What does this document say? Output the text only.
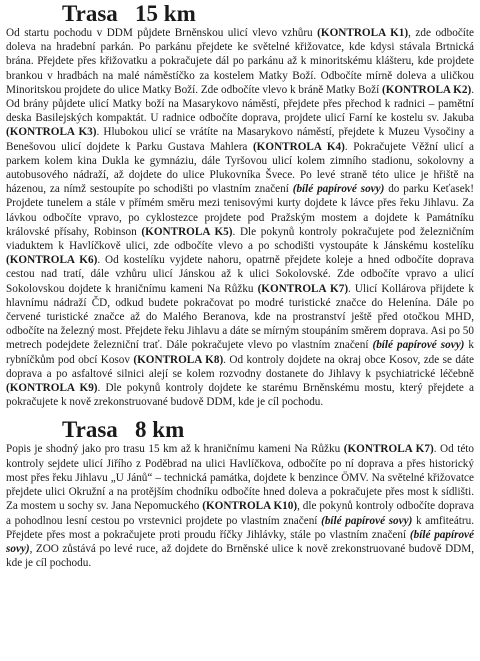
Trasa   15 km

Od startu pochodu v DDM půjdete Brněnskou ulicí vlevo vzhůru (KONTROLA K1), zde odbočíte doleva na hradební parkán. Po parkánu přejdete ke světelné křižovatce, kde kdysi stávala Brtnická brána. Přejdete přes křižovatku a pokračujete dál po parkánu až k minoritskému klášteru, kde projdete brankou v hradbách na malé náměstíčko za kostelem Matky Boží. Odbočíte mírně doleva a uličkou Minoritskou projdete do ulice Matky Boží. Zde odbočíte vlevo k bráně Matky Boží (KONTROLA K2). Od brány půjdete ulicí Matky boží na Masarykovo náměstí, přejdete přes přechod k radnici – pamětní deska Basilejských kompaktát. U radnice odbočíte doprava, projdete ulicí Farní ke kostelu sv. Jakuba (KONTROLA K3). Hlubokou ulicí se vrátíte na Masarykovo náměstí, přejdete k Muzeu Vysočiny a Benešovou ulicí dojdete k Parku Gustava Mahlera (KONTROLA K4). Pokračujete Věžní ulicí a parkem kolem kina Dukla ke gymnáziu, dále Tyršovou ulicí kolem zimního stadionu, sokolovny a autobusového nádraží, až dojdete do ulice Plukovníka Švece. Po levé straně této ulice je hřiště na házenou, za nímž sestoupíte po schodišti po vlastním značení (bílé papírové sovy) do parku Keťasek! Projdete tunelem a stále v přímém směru mezi tenisovými kurty dojdete k lávce přes řeku Jihlavu. Za lávkou odbočíte vpravo, po cyklostezce projdete pod Pražským mostem a dojdete k Památníku královské přísahy, Robinson (KONTROLA K5). Dle pokynů kontroly pokračujete pod železničním viaduktem k Havlíčkově ulici, zde odbočíte vlevo a po schodišti vystoupáte k Jánskému kostelíku (KONTROLA K6). Od kostelíku vyjdete nahoru, opatrně přejdete koleje a hned odbočíte doprava cestou nad tratí, dále vzhůru ulicí Jánskou až k ulici Sokolovské. Zde odbočíte vpravo a ulicí Sokolovskou dojdete k hraničnímu kameni Na Růžku (KONTROLA K7). Ulicí Kollárova přijdete k hlavnímu nádraží ČD, odkud budete pokračovat po modré turistické značce do Helenína. Dále po červené turistické značce až do Malého Beranova, kde na prostranství ještě před otočkou MHD, odbočíte na železný most. Přejdete řeku Jihlavu a dáte se mírným stoupáním směrem doprava. Asi po 50 metrech podejdete železniční trať. Dále pokračujete vlevo po vlastním značení (bílé papírové sovy) k rybníčkům pod obcí Kosov (KONTROLA K8). Od kontroly dojdete na okraj obce Kosov, zde se dáte doprava a po asfaltové silnici alejí se kolem rozvodny dostanete do Jihlavy k psychiatrické léčebně (KONTROLA K9). Dle pokynů kontroly dojdete ke starému Brněnskému mostu, který přejdete a pokračujete k nově zrekonstruované budově DDM, kde je cíl pochodu.

Trasa   8 km

Popis je shodný jako pro trasu 15 km až k hraničnímu kameni Na Růžku (KONTROLA K7). Od této kontroly sejdete ulicí Jiřího z Poděbrad na ulici Havlíčkova, odbočíte po ní doprava a přes historický most přes řeku Jihlavu „U Jánů“ – technická památka, dojdete k benzince ÖMV. Na světelné křižovatce přejdete ulici Okružní a na protějším chodníku odbočíte hned doleva a pokračujete přes most k sídlišti. Za mostem u sochy sv. Jana Nepomuckého (KONTROLA K10), dle pokynů kontroly odbočíte doprava a pohodlnou lesní cestou po vrstevnici projdete po vlastním značení (bílé papírové sovy) k amfiteátru. Přejdete přes most a pokračujete proti proudu říčky Jihlávky, stále po vlastním značení (bílé papírové sovy), ZOO zůstává po levé ruce, až dojdete do Brněnské ulice k nově zrekonstruované budově DDM, kde je cíl pochodu.
